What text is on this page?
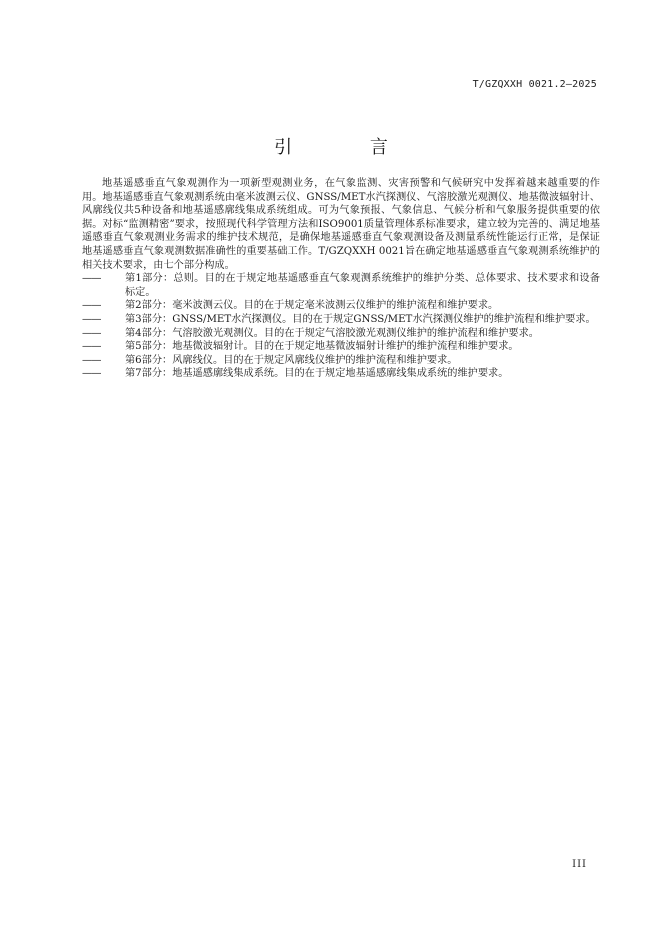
T/GZQXXH 0021.2—2025
引 言

地基遥感垂直气象观测作为一项新型观测业务，在气象监测、灾害预警和气候研究中发挥着越来越重要的作用。地基遥感垂直气象观测系统由毫米波测云仪、GNSS/MET水汽探测仪、气溶胶激光观测仪、地基微波辐射计、风廓线仪共5种设备和地基遥感廓线集成系统组成。可为气象预报、气象信息、气候分析和气象服务提供重要的依据。对标“监测精密”要求，按照现代科学管理方法和ISO9001质量管理体系标准要求，建立较为完善的、满足地基遥感垂直气象观测业务需求的维护技术规范，是确保地基遥感垂直气象观测设备及测量系统性能运行正常，是保证地基遥感垂直气象观测数据准确性的重要基础工作。T/GZQXXH 0021旨在确定地基遥感垂直气象观测系统维护的相关技术要求，由七个部分构成。

——	第1部分：总则。目的在于规定地基遥感垂直气象观测系统维护的维护分类、总体要求、技术要求和设备标定。
——	第2部分：毫米波测云仪。目的在于规定毫米波测云仪维护的维护流程和维护要求。
——	第3部分：GNSS/MET水汽探测仪。目的在于规定GNSS/MET水汽探测仪维护的维护流程和维护要求。
——	第4部分：气溶胶激光观测仪。目的在于规定气溶胶激光观测仪维护的维护流程和维护要求。
——	第5部分：地基微波辐射计。目的在于规定地基微波辐射计维护的维护流程和维护要求。
——	第6部分：风廓线仪。目的在于规定风廓线仪维护的维护流程和维护要求。
——	第7部分：地基遥感廓线集成系统。目的在于规定地基遥感廓线集成系统的维护要求。
III
